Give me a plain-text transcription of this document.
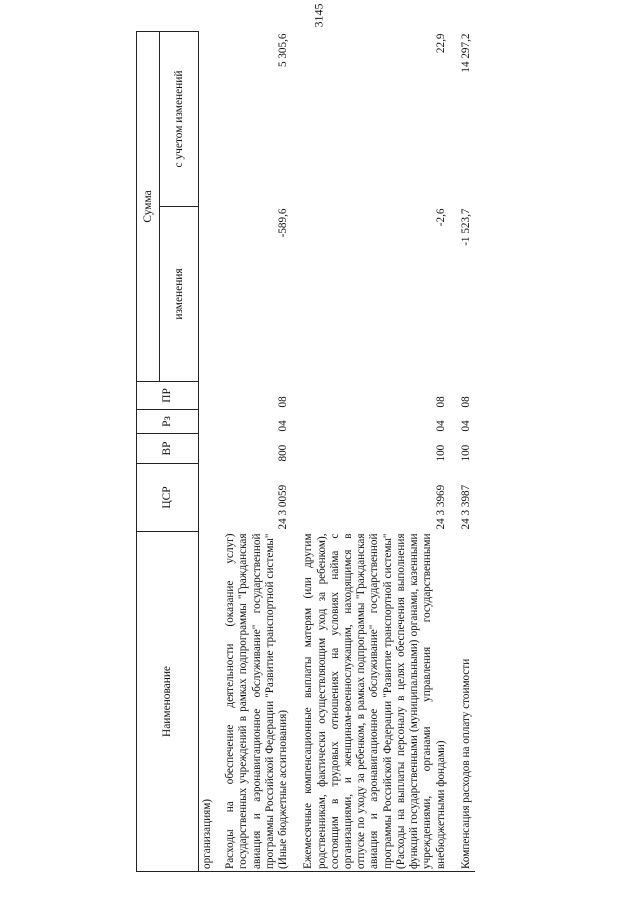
3145
Наименование	ЦСР	ВР	Рз	ПР	Сумма	
					изменения	с учетом изменений
организациям)						
Расходы на обеспечение деятельности (оказание услуг) государственных учреждений в рамках подпрограммы "Гражданская авиация и аэронавигационное обслуживание" государственной программы Российской Федерации "Развитие транспортной системы" (Иные бюджетные ассигнования)	24 3 0059	800	04	08	-589,6	5 305,6
Ежемесячные компенсационные выплаты матерям (или другим родственникам, фактически осуществляющим уход за ребенком), состоящим в трудовых отношениях на условиях найма с организациями, и женщинам-военнослужащим, находящимся в отпуске по уходу за ребенком, в рамках подпрограммы "Гражданская авиация и аэронавигационное обслуживание" государственной программы Российской Федерации "Развитие транспортной системы" (Расходы на выплаты персоналу в целях обеспечения выполнения функций государственными (муниципальными) органами, казенными учреждениями, органами управления государственными внебюджетными фондами)	24 3 3969	100	04	08	-2,6	22,9
Компенсация расходов на оплату стоимости	24 3 3987	100	04	08	-1 523,7	14 297,2
